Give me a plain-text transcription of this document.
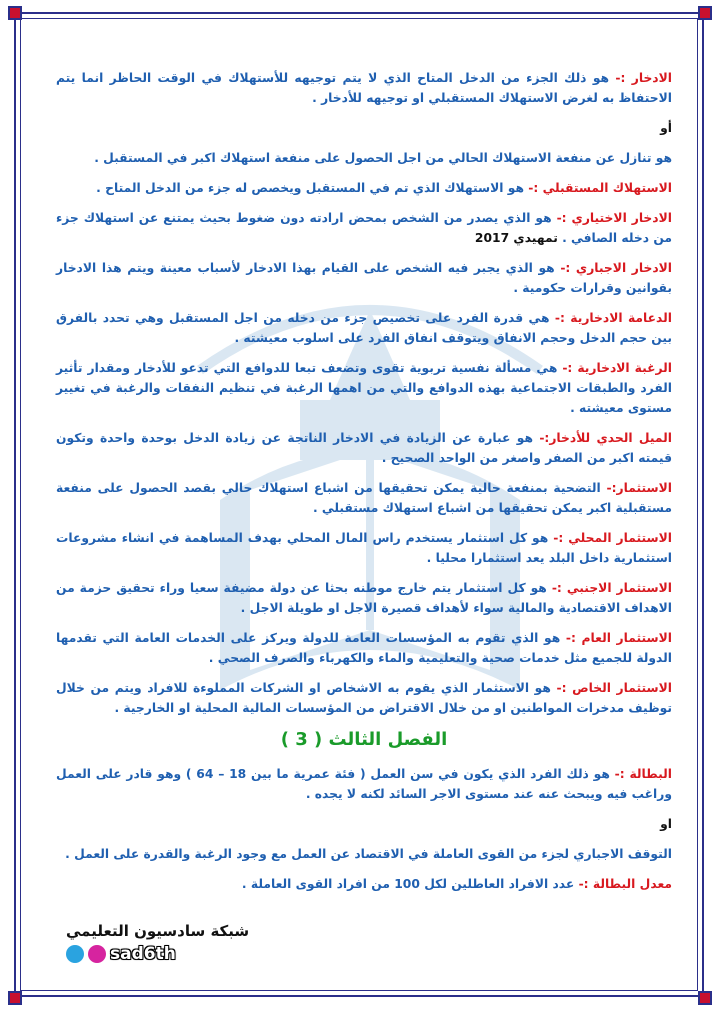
الادخار :- هو ذلك الجزء من الدخل المتاح الذي لا يتم توجيهه للأستهلاك في الوقت الحاظر انما يتم الاحتفاظ به لغرض الاستهلاك المستقبلي او توجيهه للأدخار .

أو

هو تنازل عن منفعة الاستهلاك الحالي من اجل الحصول على منفعة استهلاك اكبر في المستقبل .

الاستهلاك المستقبلي :- هو الاستهلاك الذي تم في المستقبل ويخصص له جزء من الدخل المتاح .

الادخار الاختياري :- هو الذي يصدر من الشخص بمحض ارادته دون ضغوط بحيث يمتنع عن استهلاك جزء من دخله الصافي . تمهيدي 2017

الادخار الاجباري :- هو الذي يجبر فيه الشخص على القيام بهذا الادخار لأسباب معينة ويتم هذا الادخار بقوانين وقرارات حكومية .

الدعامة الادخارية :- هي قدرة الفرد على تخصيص جزء من دخله من اجل المستقبل وهي تحدد بالفرق بين حجم الدخل وحجم الانفاق ويتوقف انفاق الفرد على اسلوب معيشته .

الرغبة الادخارية :- هي مسألة نفسية تربوية تقوى وتضعف تبعا للدوافع التي تدعو للأدخار ومقدار تأثير الفرد والطبقات الاجتماعية بهذه الدوافع والتي من اهمها الرغبة في تنظيم النفقات والرغبة في تغيير مستوى معيشته .

الميل الحدي للأدخار:- هو عبارة عن الزيادة في الادخار الناتجة عن زيادة الدخل بوحدة واحدة وتكون قيمته اكبر من الصفر واصغر من الواحد الصحيح .

الاستثمار:- التضحية بمنفعة حالية يمكن تحقيقها من اشباع استهلاك حالي بقصد الحصول على منفعة مستقبلية اكبر يمكن تحقيقها من اشباع استهلاك مستقبلي .

الاستثمار المحلي :- هو كل استثمار يستخدم راس المال المحلي بهدف المساهمة في انشاء مشروعات استثمارية داخل البلد يعد استثمارا محليا .

الاستثمار الاجنبي :- هو كل استثمار يتم خارج موطنه بحثا عن دولة مضيفة سعيا وراء تحقيق حزمة من الاهداف الاقتصادية والمالية سواء لأهداف قصيرة الاجل او طويلة الاجل .

الاستثمار العام :- هو الذي تقوم به المؤسسات العامة للدولة ويركز على الخدمات العامة التي تقدمها الدولة للجميع مثل خدمات صحية والتعليمية والماء والكهرباء والصرف الصحي .

الاستثمار الخاص :- هو الاستثمار الذي يقوم به الاشخاص او الشركات المملوءة للافراد ويتم من خلال توظيف مدخرات المواطنين او من خلال الاقتراض من المؤسسات المالية المحلية او الخارجية .

الفصل الثالث ( 3 )

البطالة :- هو ذلك الفرد الذي يكون في سن العمل ( فئة عمرية ما بين 18 – 64 ) وهو قادر على العمل وراغب فيه ويبحث عنه عند مستوى الاجر السائد لكنه لا يجده .

او

التوقف الاجباري لجزء من القوى العاملة في الاقتصاد عن العمل مع وجود الرغبة والقدرة على العمل .

معدل البطالة :- عدد الافراد العاطلين لكل 100 من افراد القوى العاملة .

شبكة سادسيون التعليمي
sad6th
